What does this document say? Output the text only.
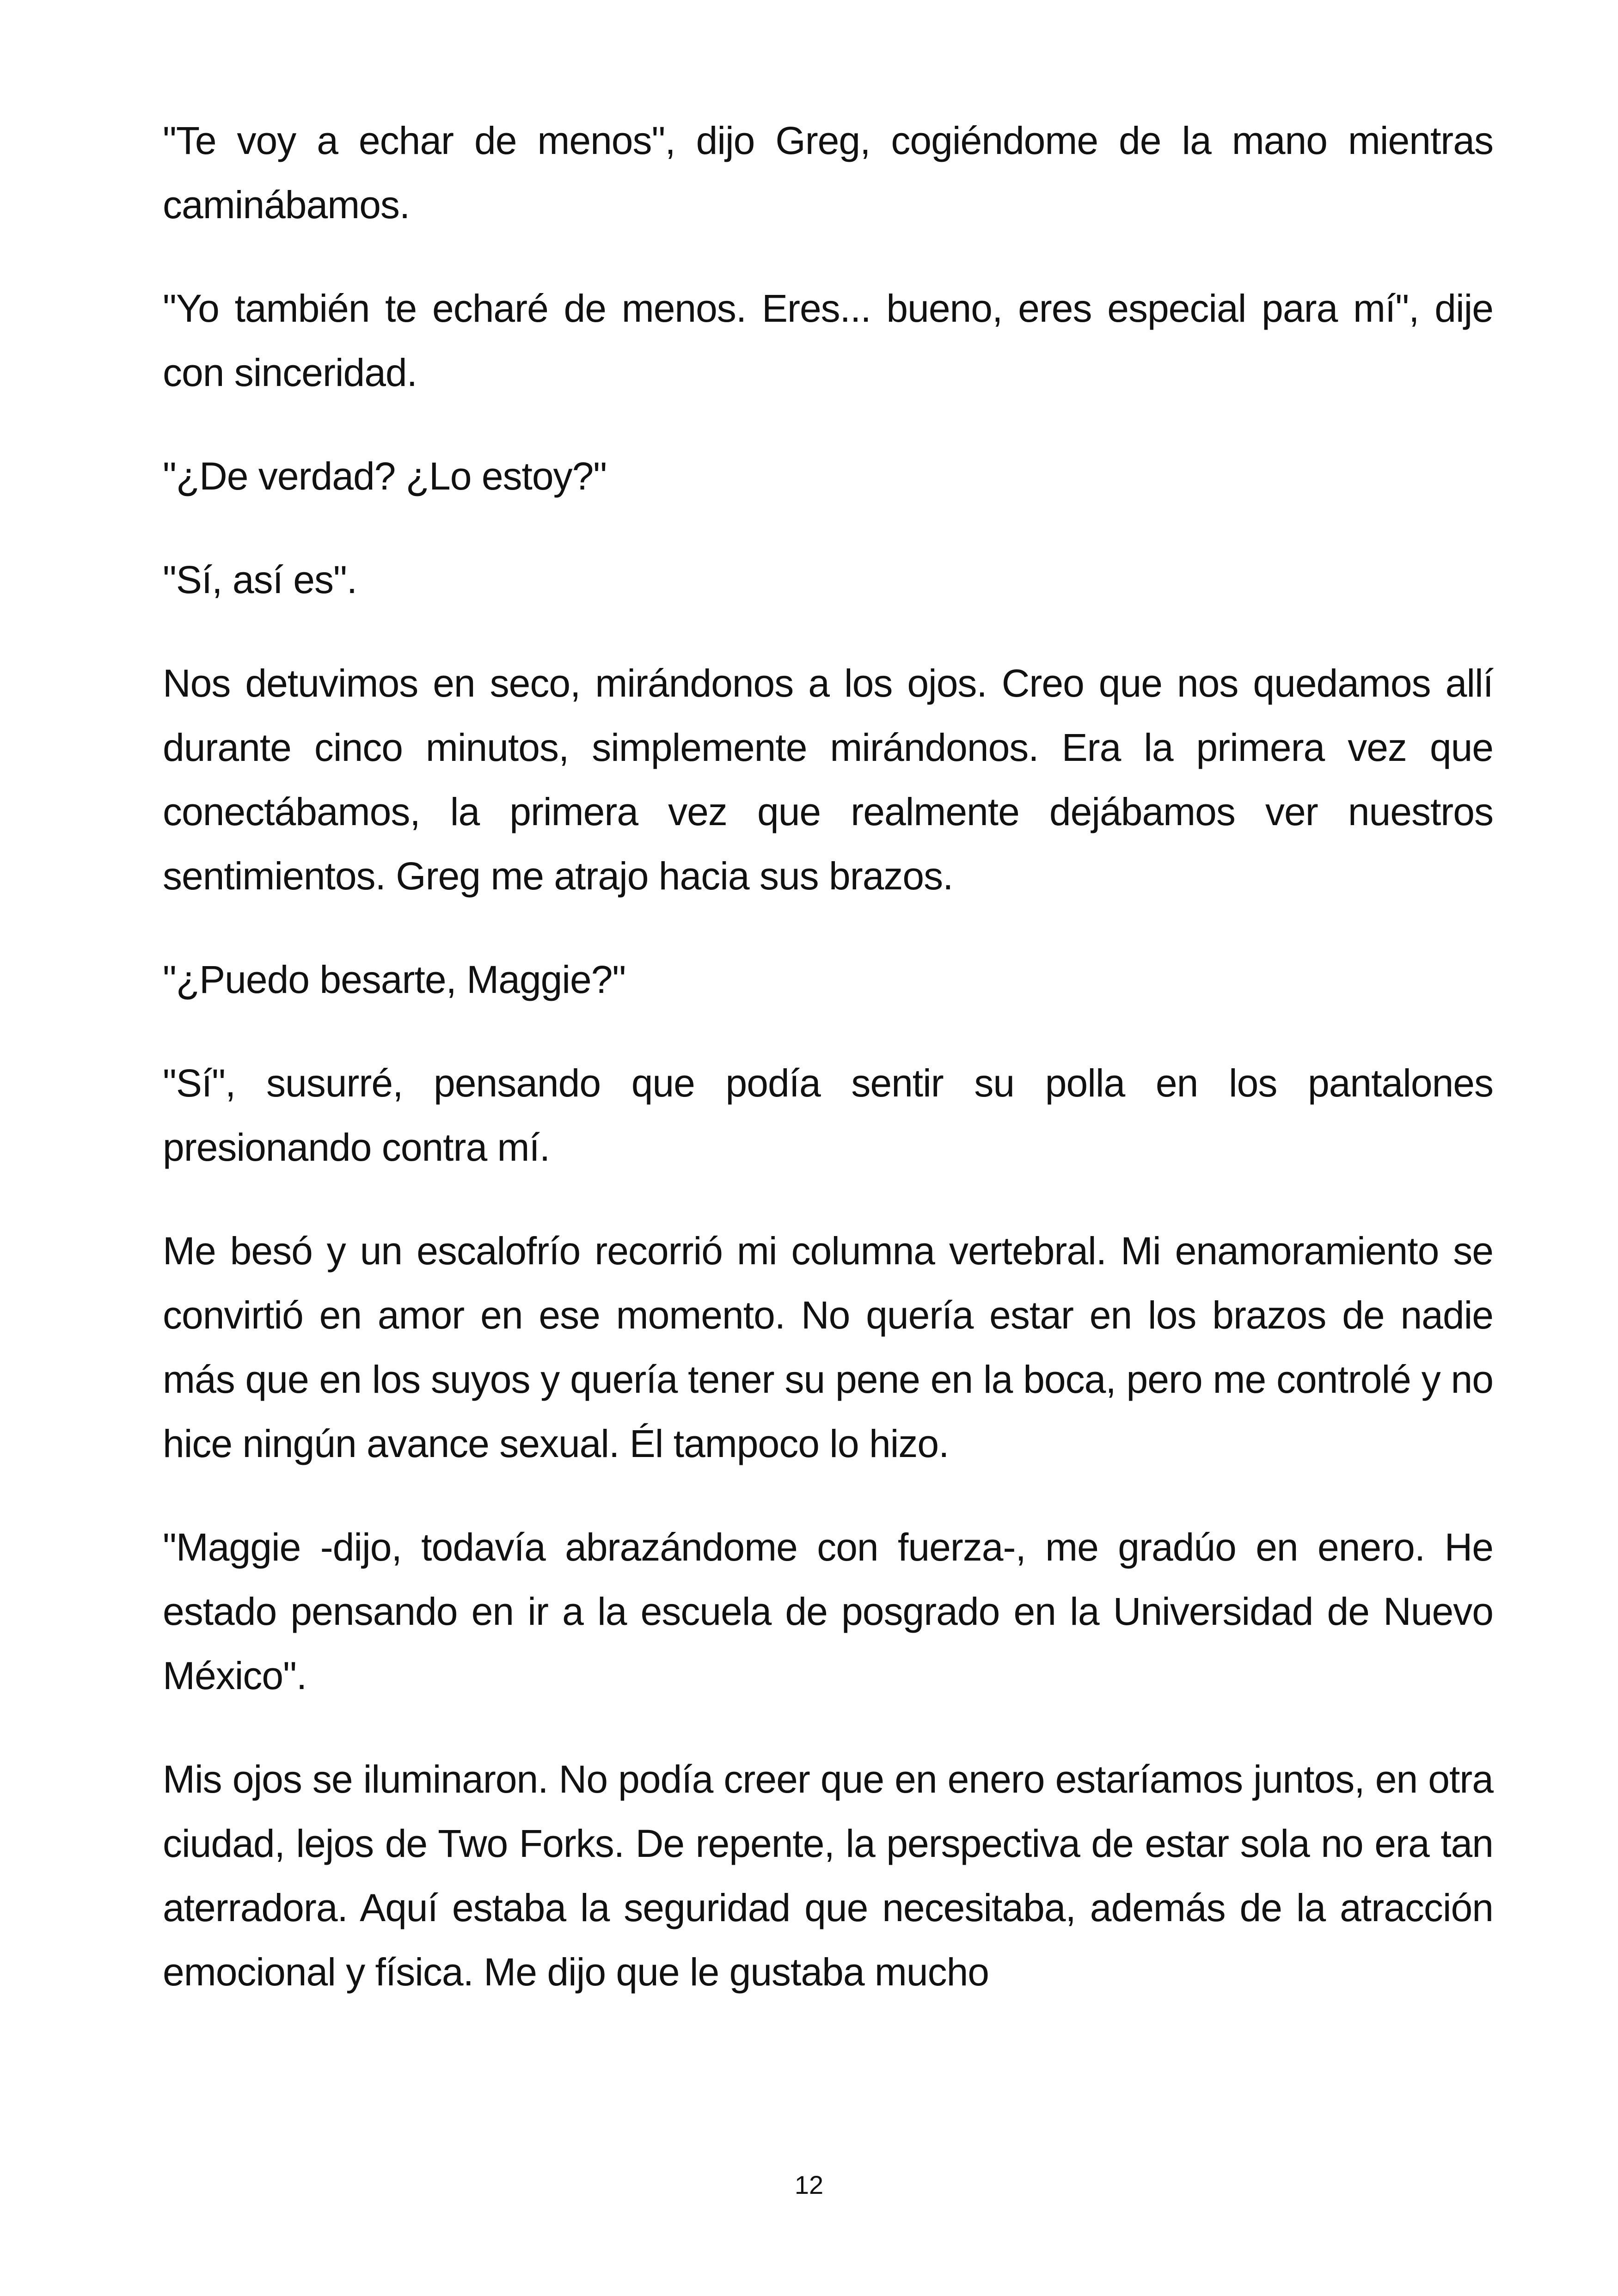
"Te voy a echar de menos", dijo Greg, cogiéndome de la mano mientras caminábamos.

"Yo también te echaré de menos. Eres... bueno, eres especial para mí", dije con sinceridad.

"¿De verdad? ¿Lo estoy?"

"Sí, así es".

Nos detuvimos en seco, mirándonos a los ojos. Creo que nos quedamos allí durante cinco minutos, simplemente mirándonos. Era la primera vez que conectábamos, la primera vez que realmente dejábamos ver nuestros sentimientos. Greg me atrajo hacia sus brazos.

"¿Puedo besarte, Maggie?"

"Sí", susurré, pensando que podía sentir su polla en los pantalones presionando contra mí.

Me besó y un escalofrío recorrió mi columna vertebral. Mi enamoramiento se convirtió en amor en ese momento. No quería estar en los brazos de nadie más que en los suyos y quería tener su pene en la boca, pero me controlé y no hice ningún avance sexual. Él tampoco lo hizo.

"Maggie -dijo, todavía abrazándome con fuerza-, me gradúo en enero. He estado pensando en ir a la escuela de posgrado en la Universidad de Nuevo México".

Mis ojos se iluminaron. No podía creer que en enero estaríamos juntos, en otra ciudad, lejos de Two Forks. De repente, la perspectiva de estar sola no era tan aterradora. Aquí estaba la seguridad que necesitaba, además de la atracción emocional y física. Me dijo que le gustaba mucho

12
